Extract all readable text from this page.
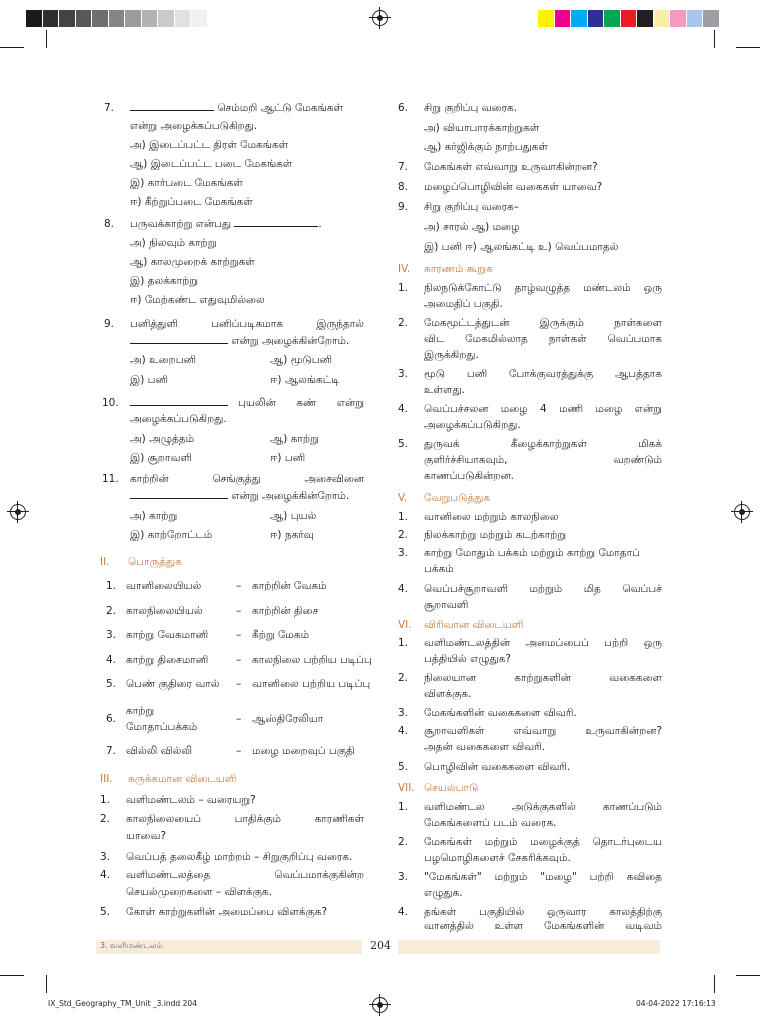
7.	செம்மறி ஆட்டு மேகங்கள்
என்று அழைக்கப்படுகிறது.
அ) இடைப்பட்ட திரள் மேகங்கள்
ஆ) இடைப்பட்ட படை மேகங்கள்
இ) கார்படை மேகங்கள்
ஈ) கீற்றுப்படை மேகங்கள்
8. பருவக்காற்று என்பது	.
அ) நிலவும் காற்று
ஆ) காலமுறைக் காற்றுகள்
இ) தலக்காற்று
ஈ) மேற்கண்ட எதுவுமில்லை
9. பனித்துளி	பனிப்படிகமாக	இருந்தால்
என்று அழைக்கின்றோம்.
அ) உறைபனி	ஆ) மூடுபனி
இ) பனி	ஈ) ஆலங்கட்டி
10.	புயலின் கண் என்று
அழைக்கப்படுகிறது.
அ) அழுத்தம்	ஆ) காற்று
இ) சூறாவளி	ஈ) பனி
11. காற்றின்	செங்குத்து	அசைவினை
என்று அழைக்கின்றோம்.
அ) காற்று	ஆ) புயல்
இ) காற்றோட்டம்	ஈ) நகர்வு
II. பொருத்துக
1. வானிலையியல்	– காற்றின் வேகம்
2. காலநிலையியல்	– காற்றின் திசை
3. காற்று வேகமானி	– கீற்று மேகம்
4. காற்று திசைமானி	– காலநிலை பற்றிய படிப்பு
5. பெண் குதிரை வால் – வானிலை பற்றிய படிப்பு
6.
காற்று
மோதாப்பக்கம்
– ஆஸ்திரேலியா
7. வில்லி வில்லி	– மழை மறைவுப் பகுதி
III. சுருக்கமான விடையளி
1. வளிமண்டலம் – வரையறு?
2. காலநிலையைப்	பாதிக்கும்	காரணிகள்
யாவை?
3. வெப்பத் தலைகீழ் மாற்றம் – சிறுகுறிப்பு வரைக.
4. வளிமண்டலத்தை	வெப்பமாக்குகின்ற
செயல்முறைகளை – விளக்குக.
5. கோள் காற்றுகளின் அமைப்பை விளக்குக?
6. சிறு குறிப்பு வரைக.
அ) வியாபாரக்காற்றுகள்
ஆ) கர்ஜிக்கும் நாற்பதுகள்
7. மேகங்கள் எவ்வாறு உருவாகின்றன?
8. மழைப்பொழிவின் வகைகள் யாவை?
9. சிறு குறிப்பு வரைக–
அ) சாரல் ஆ) மழை
இ) பனி ஈ) ஆலங்கட்டி உ) வெப்பமாதல்
IV. காரணம் கூறுக
1. நிலநடுக்கோட்டு தாழ்வழுத்த மண்டலம் ஒரு
அமைதிப் பகுதி.
2. மேகமூட்டத்துடன்	இருக்கும்	நாள்களை
விட மேகமில்லாத நாள்கள் வெப்பமாக
இருக்கிறது.
3. மூடு பனி போக்குவரத்துக்கு ஆபத்தாக
உள்ளது.
4. வெப்பச்சலன மழை 4 மணி மழை என்று
அழைக்கப்படுகிறது.
5. துருவக்	கீழைக்காற்றுகள்	மிகக்
குளிர்ச்சியாகவும்,	வறண்டும்
காணப்படுகின்றன.
V. வேறுபடுத்துக
1. வானிலை மற்றும் காலநிலை
2. நிலக்காற்று மற்றும் கடற்காற்று
3. காற்று மோதும் பக்கம் மற்றும் காற்று மோதாப்
பக்கம்
4. வெப்பச்சூறாவளி மற்றும் மித வெப்பச்
சூறாவளி
VI. விரிவான விடையளி
1. வளிமண்டலத்தின் அமைப்பைப் பற்றி ஒரு
பத்தியில் எழுதுக?
2. நிலையான	காற்றுகளின்	வகைகளை
விளக்குக.
3. மேகங்களின் வகைகளை விவரி.
4. சூறாவளிகள்	எவ்வாறு	உருவாகின்றன?
அதன் வகைகளை விவரி.
5. பொழிவின் வகைகளை விவரி.
VII. செயல்பாடு
1. வளிமண்டல	அடுக்குகளில்	காணப்படும்
மேகங்களைப் படம் வரைக.
2. மேகங்கள் மற்றும் மழைக்குத் தொடர்புடைய
பழமொழிகளைச் சேகரிக்கவும்.
3. "மேகங்கள்" மற்றும் "மழை" பற்றி கவிதை
எழுதுக.
4. தங்கள் பகுதியில் ஒருவார காலத்திற்கு
வானத்தில் உள்ள மேகங்களின் வடிவம்
3. வளிமண்டலம்	204
IX_Std_Geography_TM_Unit _3.indd 204	04-04-2022 17:16:13
